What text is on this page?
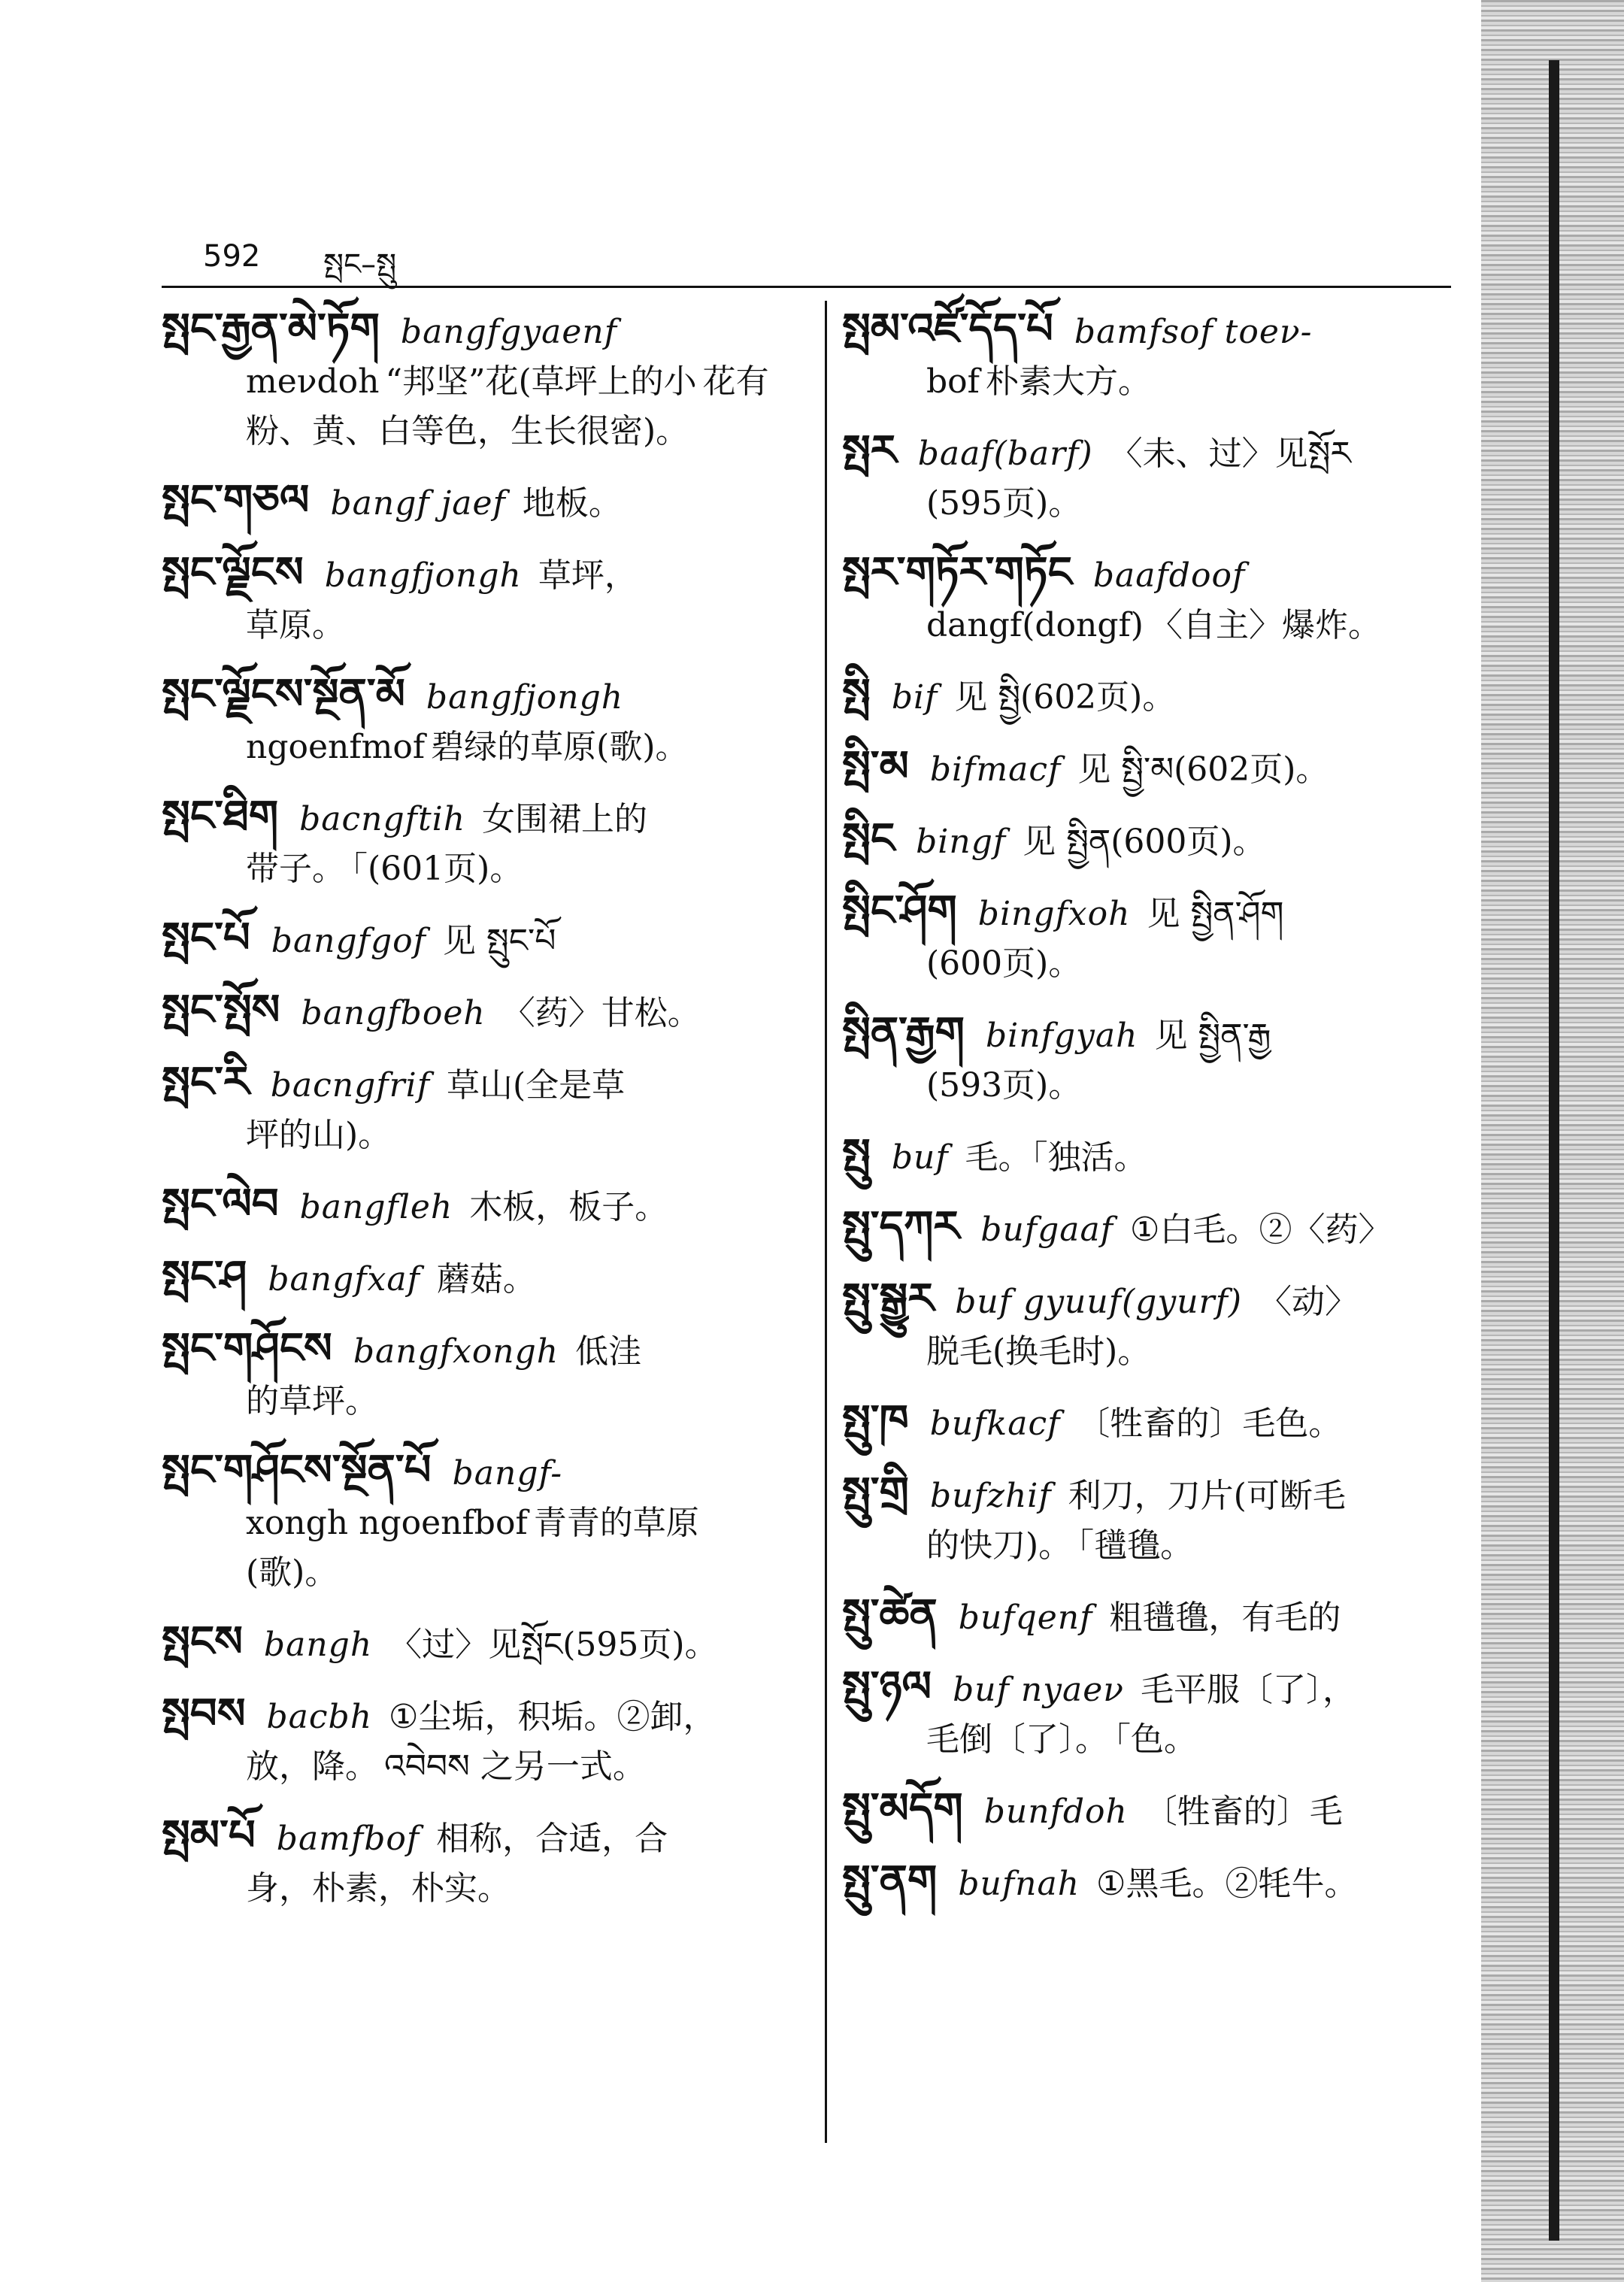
592 སྤང–སྤུ
སྤང་རྒྱན་མེ་ཏོག bangfgyaenf
meνdoh “邦坚”花(草坪上的小 花有粉、黄、白等色，生长很密)。
སྤང་གཅལ bangf jaef 地板。
སྤང་ལྗོངས bangfjongh 草坪，
草原。
སྤང་ལྗོངས་སྔོན་མོ bangfjongh
ngoenfmof 碧绿的草原(歌)。
སྤང་ཐིག bacngftih 女围裙上的
带子。 「(601页)。
སྤང་པོ bangfgof 见 སྤུང་པོ
སྤང་སྤོས bangfboeh 〈药〉甘松。
སྤང་རི bacngfrif 草山(全是草
坪的山)。
སྤང་ལེབ bangfleh 木板，板子。
སྤང་ཤ bangfxaf 蘑菇。
སྤང་གཤོངས bangfxongh 低洼
的草坪。
སྤང་གཤོངས་སྔོན་པོ bangf-
xongh ngoenfbof 青青的草原(歌)。
སྤངས bangh 〈过〉见སྤོང(595页)。
སྤབས bacbh ①尘垢，积垢。②卸，
放，降。 འབེབས 之另一式。
སྤམ་པོ bamfbof 相称，合适，合
身，朴素，朴实。
སྤམ་འཛོ་དོད་པོ bamfsof toeν-
bof 朴素大方。
སྤར baaf(barf) 〈未、过〉见སྤོར
(595页)。
སྤར་གཏོར་གཏོང baafdoof
dangf(dongf) 〈自主〉爆炸。
སྤི bif 见 སྤྱི(602页)。
སྤི་མ bifmacf 见 སྤྱི་མ(602页)。
སྤིང bingf 见 སྤྱིན(600页)。
སྤིང་ཤོག bingfxoh 见 སྤྱིན་ཤོག
(600页)。
སྤིན་རྒྱག binfgyah 见 སྤྱིན་རྒྱ
(593页)。
སྤུ buf 毛。「独活。
སྤུ་དཀར bufgaaf ①白毛。②〈药〉
སྤུ་སྒྱུར buf gyuuf(gyurf) 〈动〉
脱毛(换毛时)。
སྤུ་ཁ bufkacf 〔牲畜的〕毛色。
སྤུ་གྲི bufzhif 利刀，刀片(可断毛
的快刀)。 「氆氇。
སྤུ་ཚེན bufqenf 粗氆氇，有毛的
སྤུ་ཉལ buf nyaeν 毛平服〔了〕，
毛倒〔了〕。 「色。
སྤུ་མདོག bunfdoh 〔牲畜的〕毛
སྤུ་ནག bufnah ①黑毛。②牦牛。
